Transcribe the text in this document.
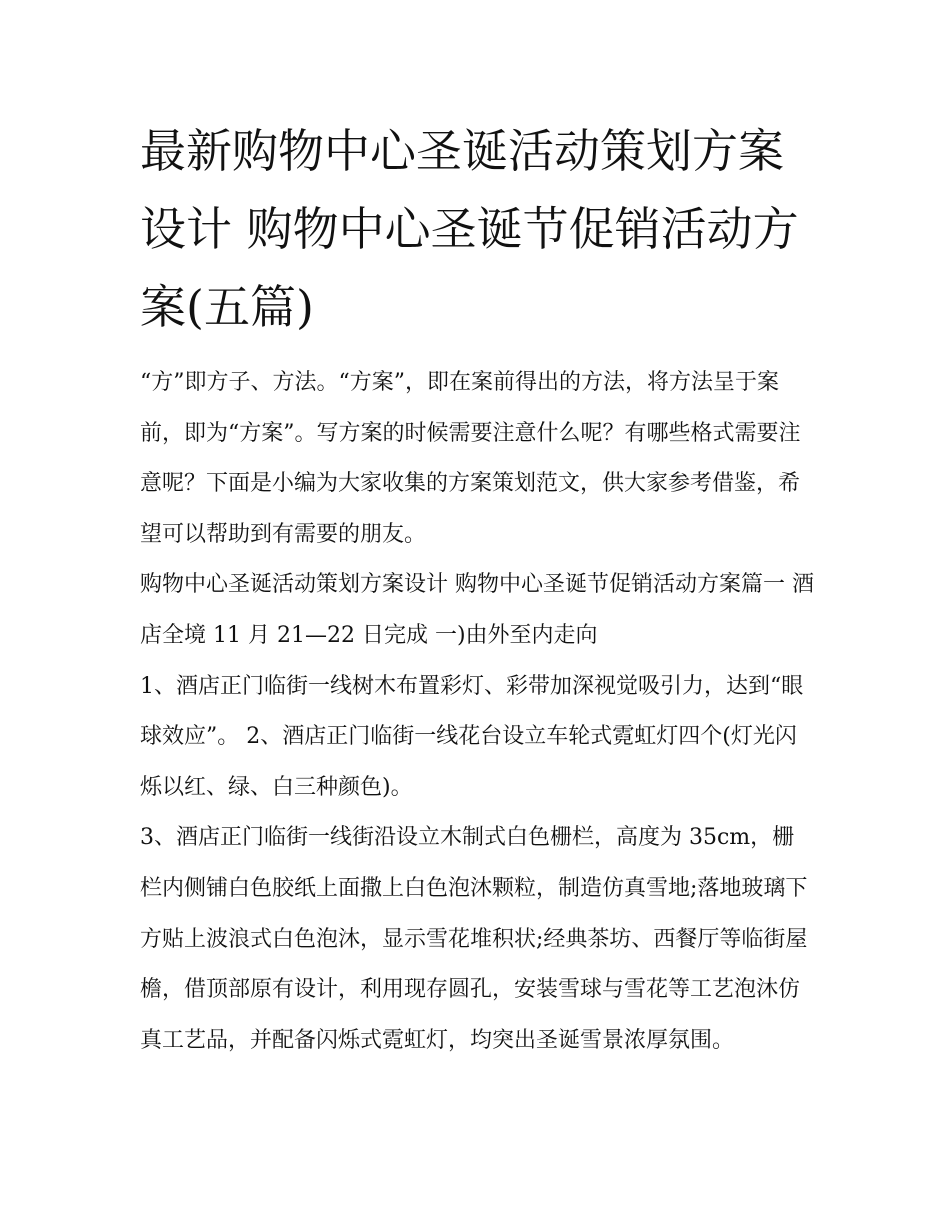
最新购物中心圣诞活动策划方案设计 购物中心圣诞节促销活动方案(五篇)

“方”即方子、方法。“方案”，即在案前得出的方法，将方法呈于案前，即为“方案”。写方案的时候需要注意什么呢？有哪些格式需要注意呢？下面是小编为大家收集的方案策划范文，供大家参考借鉴，希望可以帮助到有需要的朋友。

购物中心圣诞活动策划方案设计 购物中心圣诞节促销活动方案篇一 酒店全境 11 月 21—22 日完成 一)由外至内走向

1、酒店正门临街一线树木布置彩灯、彩带加深视觉吸引力，达到“眼球效应”。 2、酒店正门临街一线花台设立车轮式霓虹灯四个(灯光闪烁以红、绿、白三种颜色)。

3、酒店正门临街一线街沿设立木制式白色栅栏，高度为 35cm，栅栏内侧铺白色胶纸上面撒上白色泡沐颗粒，制造仿真雪地;落地玻璃下方贴上波浪式白色泡沐，显示雪花堆积状;经典茶坊、西餐厅等临街屋檐，借顶部原有设计，利用现存圆孔，安装雪球与雪花等工艺泡沐仿真工艺品，并配备闪烁式霓虹灯，均突出圣诞雪景浓厚氛围。
